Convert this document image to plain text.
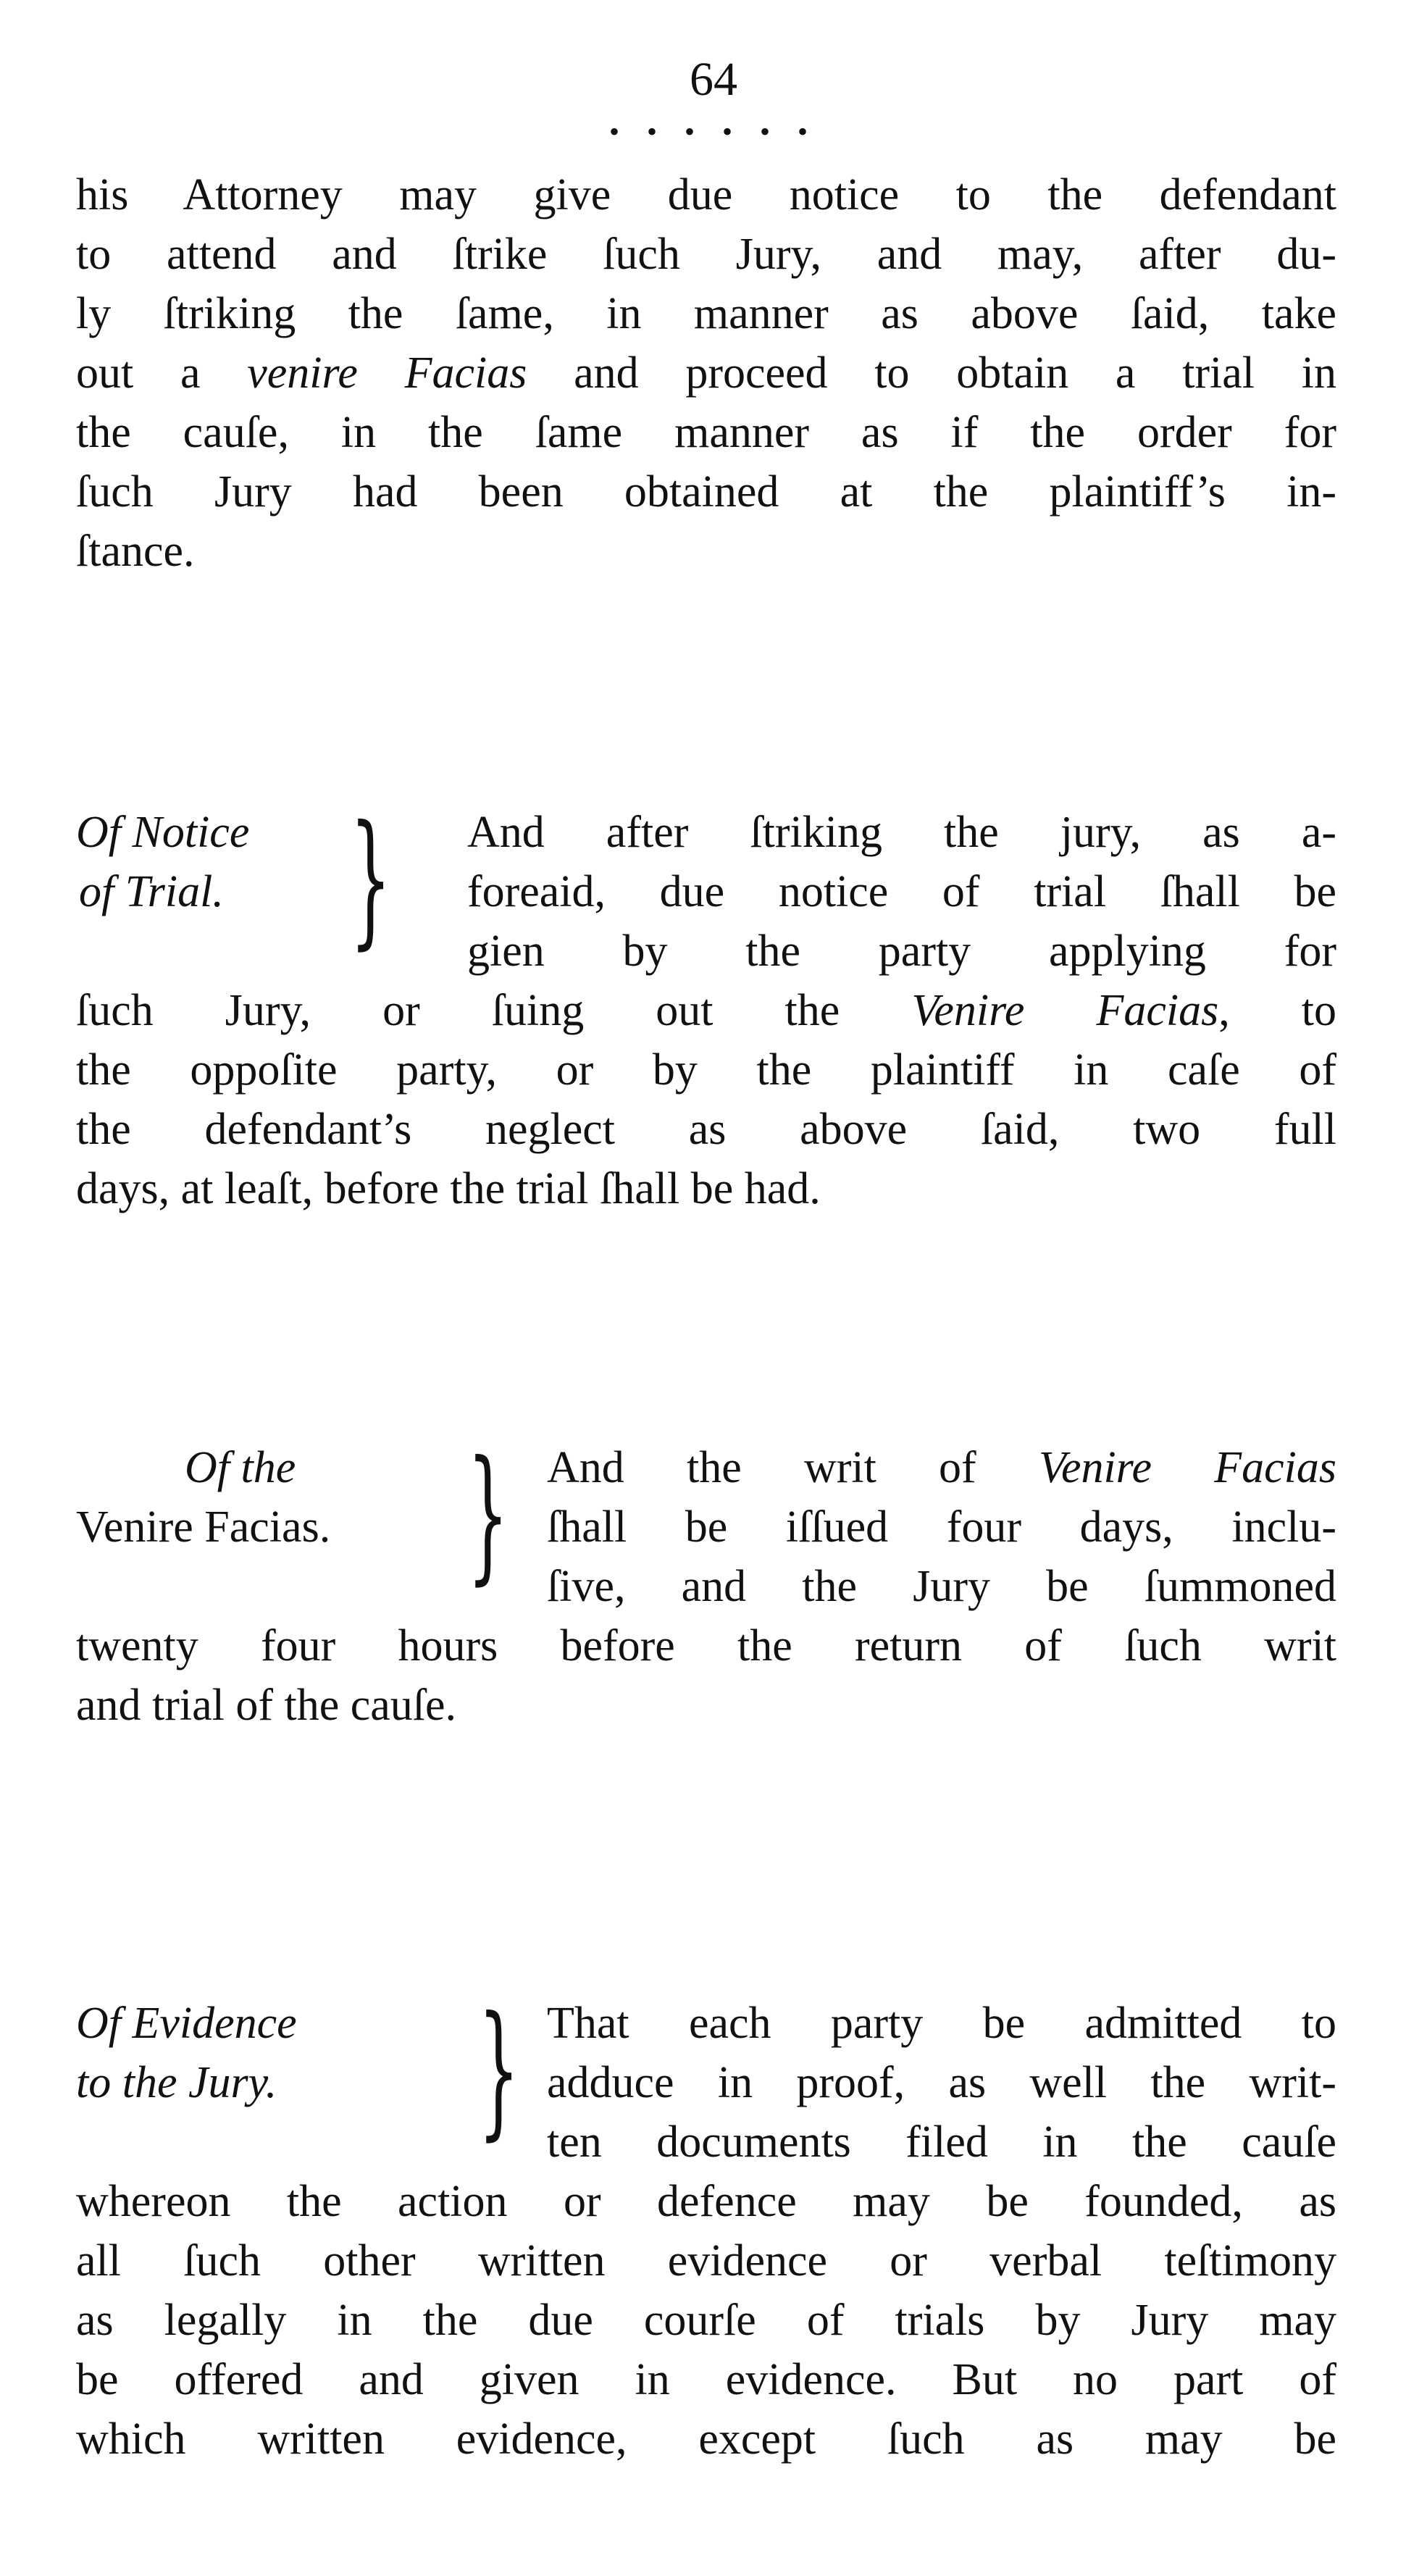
64
• • • • • •
his Attorney may give due notice to the defendant
to attend and ſtrike ſuch Jury, and may, after du-
ly ſtriking the ſame, in manner as above ſaid, take
out a venire Facias and proceed to obtain a trial in
the cauſe, in the ſame manner as if the order for
ſuch Jury had been obtained at the plaintiff’s in-
ſtance.
Of Notice
of Trial. } And after ſtriking the jury, as a-
foreaid, due notice of trial ſhall be
gien by the party applying for
ſuch Jury, or ſuing out the Venire Facias, to
the oppoſite party, or by the plaintiff in caſe of
the defendant’s neglect as above ſaid, two full
days, at leaſt, before the trial ſhall be had.
Of the
Venire Facias. } And the writ of Venire Facias
ſhall be iſſued four days, inclu-
ſive, and the Jury be ſummoned
twenty four hours before the return of ſuch writ
and trial of the cauſe.
Of Evidence
to the Jury. } That each party be admitted to
adduce in proof, as well the writ-
ten documents filed in the cauſe
whereon the action or defence may be founded, as
all ſuch other written evidence or verbal teſtimony
as legally in the due courſe of trials by Jury may
be offered and given in evidence. But no part of
which written evidence, except ſuch as may be
